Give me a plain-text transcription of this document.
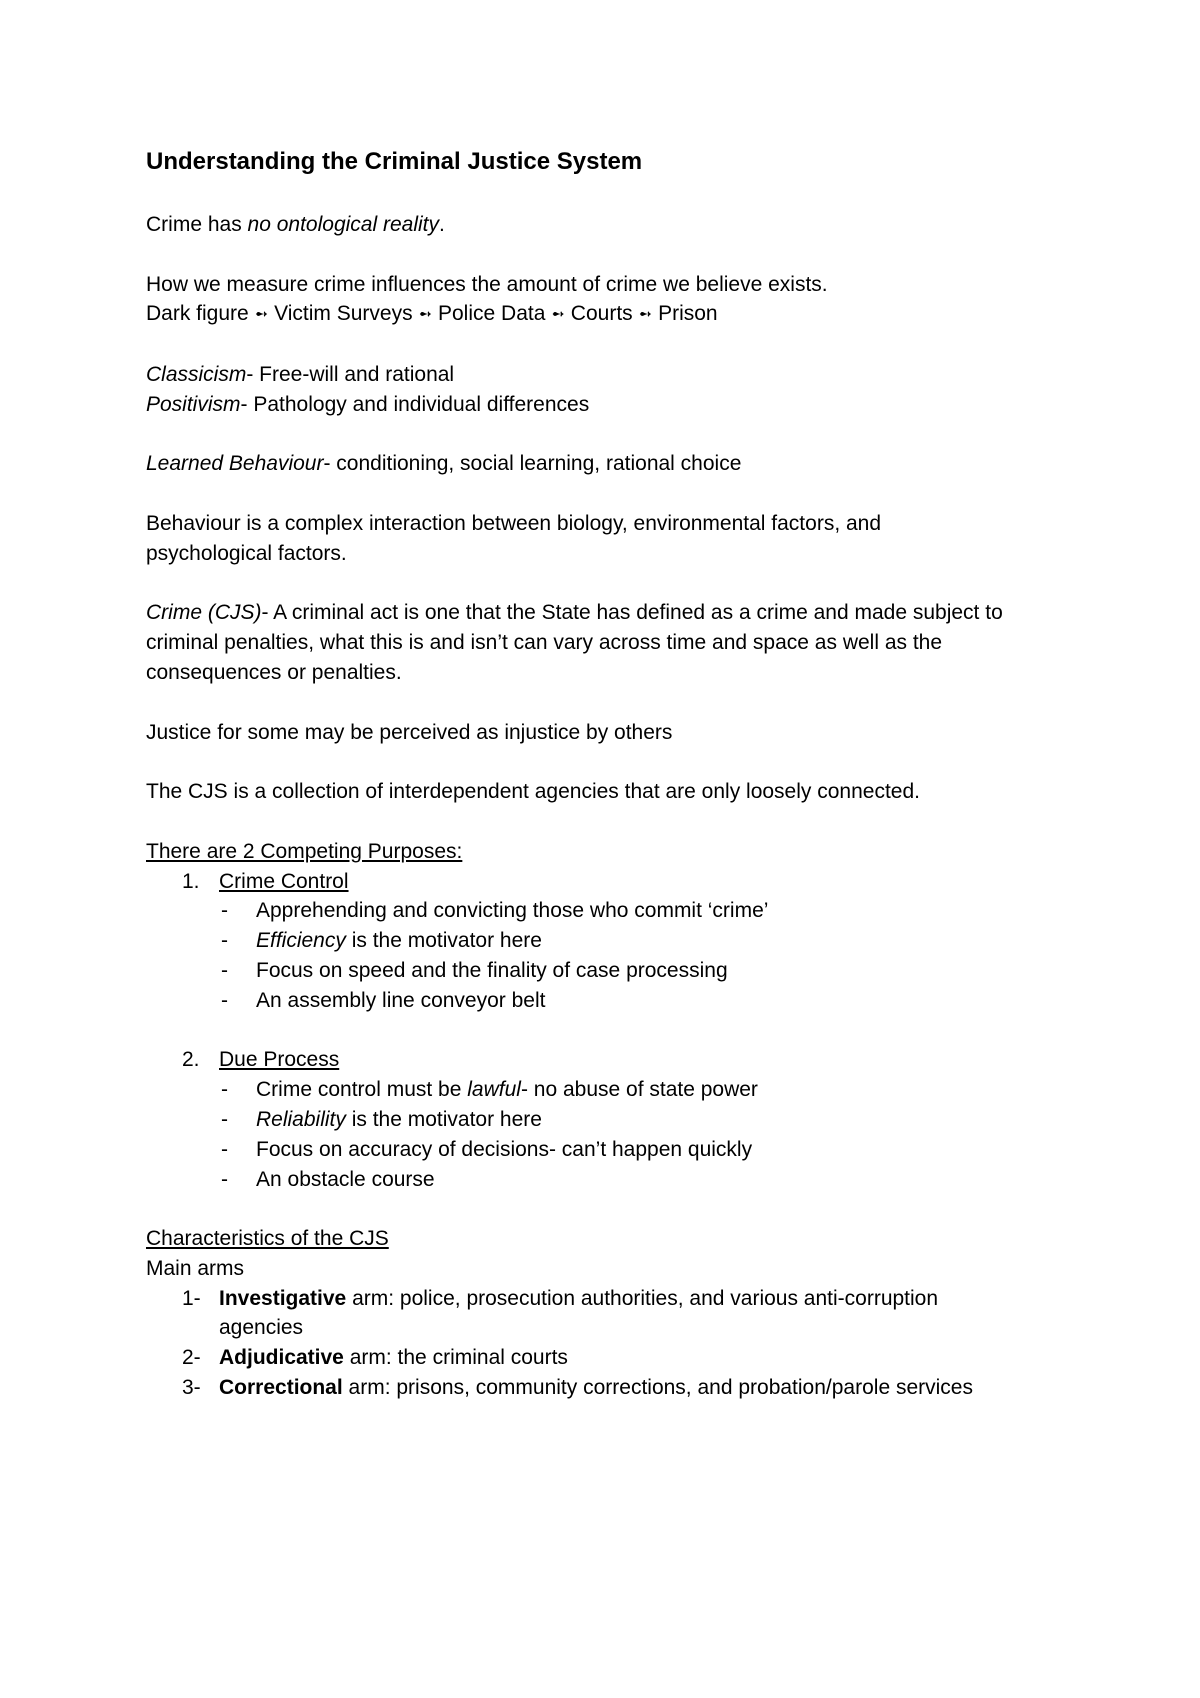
Understanding the Criminal Justice System

Crime has no ontological reality.

How we measure crime influences the amount of crime we believe exists.
Dark figure ➻ Victim Surveys ➻ Police Data ➻ Courts ➻ Prison

Classicism- Free-will and rational
Positivism- Pathology and individual differences

Learned Behaviour- conditioning, social learning, rational choice

Behaviour is a complex interaction between biology, environmental factors, and
psychological factors.

Crime (CJS)- A criminal act is one that the State has defined as a crime and made subject to
criminal penalties, what this is and isn’t can vary across time and space as well as the
consequences or penalties.

Justice for some may be perceived as injustice by others

The CJS is a collection of interdependent agencies that are only loosely connected.

There are 2 Competing Purposes:
1. Crime Control
- Apprehending and convicting those who commit ‘crime’
- Efficiency is the motivator here
- Focus on speed and the finality of case processing
- An assembly line conveyor belt
2. Due Process
- Crime control must be lawful- no abuse of state power
- Reliability is the motivator here
- Focus on accuracy of decisions- can’t happen quickly
- An obstacle course
Characteristics of the CJS
Main arms
1- Investigative arm: police, prosecution authorities, and various anti-corruption
agencies
2- Adjudicative arm: the criminal courts
3- Correctional arm: prisons, community corrections, and probation/parole services
